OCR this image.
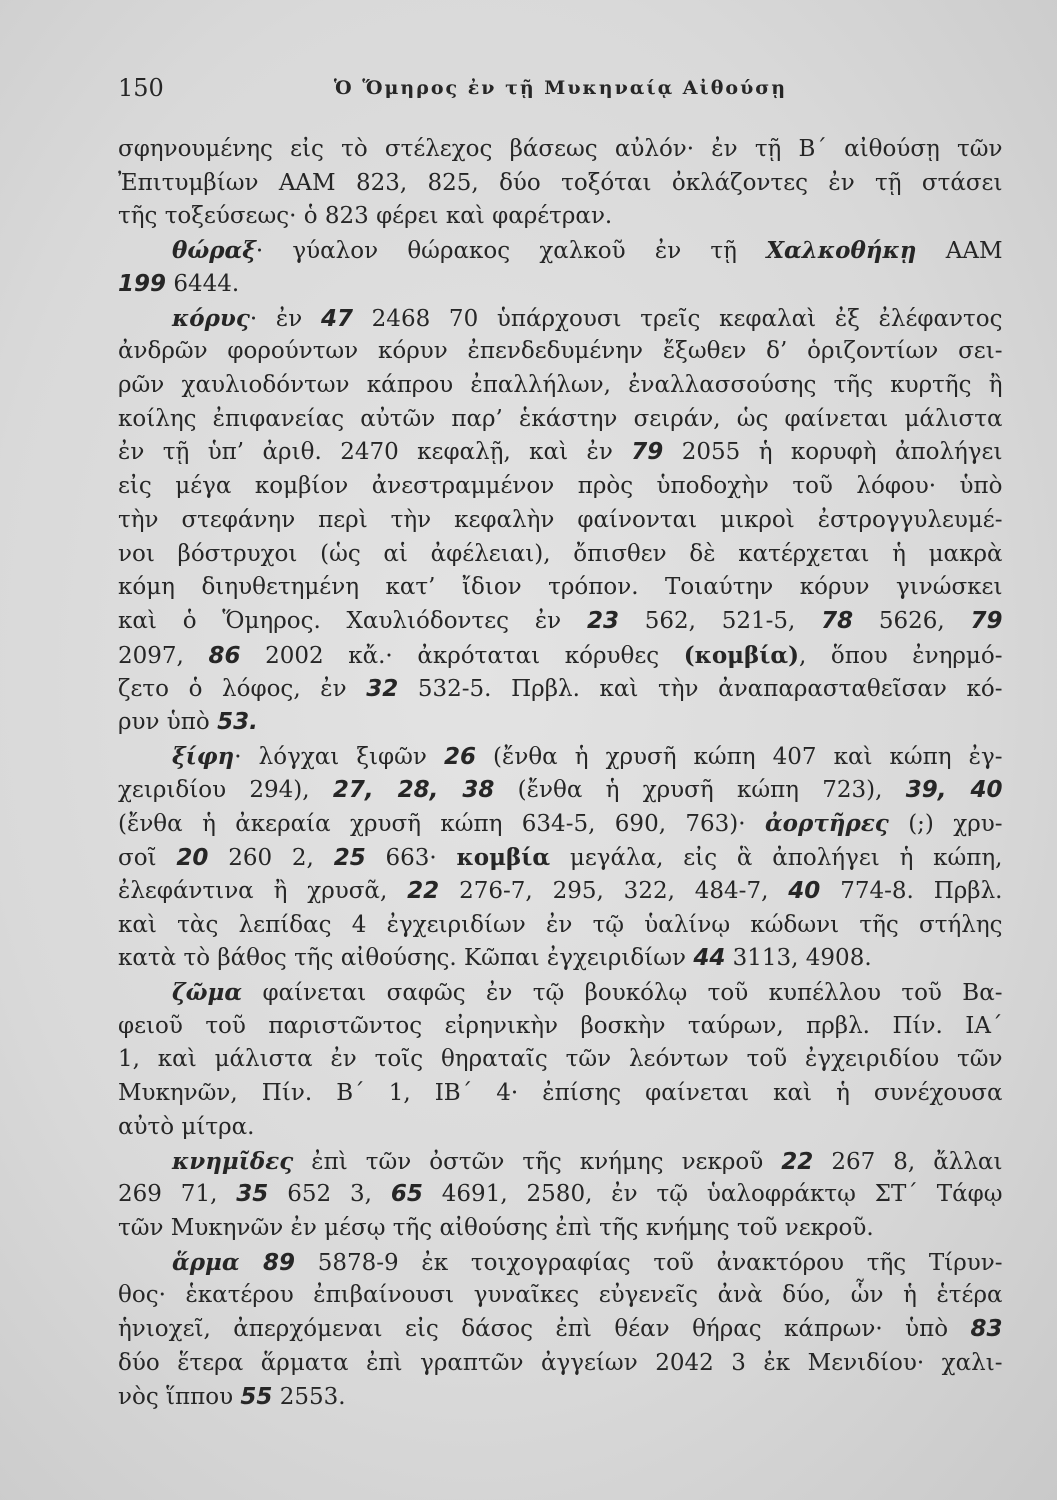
150	Ὁ Ὅμηρος ἐν τῇ Μυκηναίᾳ Αἰθούσῃ
σφηνουμένης εἰς τὸ στέλεχος βάσεως αὐλόν· ἐν τῇ Β΄ αἰθούσῃ τῶν
Ἐπιτυμβίων ΑΑΜ 823, 825, δύο τοξόται ὀκλάζοντες ἐν τῇ στάσει
τῆς τοξεύσεως· ὁ 823 φέρει καὶ φαρέτραν.
θώραξ· γύαλον θώρακος χαλκοῦ ἐν τῇ Χαλκοθήκῃ ΑΑΜ
199 6444.
κόρυς· ἐν 47 2468 70 ὑπάρχουσι τρεῖς κεφαλαὶ ἐξ ἐλέφαντος
ἀνδρῶν φορούντων κόρυν ἐπενδεδυμένην ἔξωθεν δ’ ὁριζοντίων σει-
ρῶν χαυλιοδόντων κάπρου ἐπαλλήλων, ἐναλλασσούσης τῆς κυρτῆς ἢ
κοίλης ἐπιφανείας αὐτῶν παρ’ ἑκάστην σειράν, ὡς φαίνεται μάλιστα
ἐν τῇ ὑπ’ ἀριθ. 2470 κεφαλῇ, καὶ ἐν 79 2055 ἡ κορυφὴ ἀπολήγει
εἰς μέγα κομβίον ἀνεστραμμένον πρὸς ὑποδοχὴν τοῦ λόφου· ὑπὸ
τὴν στεφάνην περὶ τὴν κεφαλὴν φαίνονται μικροὶ ἐστρογγυλευμέ-
νοι βόστρυχοι (ὡς αἱ ἀφέλειαι), ὄπισθεν δὲ κατέρχεται ἡ μακρὰ
κόμη διηυθετημένη κατ’ ἴδιον τρόπον. Τοιαύτην κόρυν γινώσκει
καὶ ὁ Ὅμηρος. Χαυλιόδοντες ἐν 23 562, 521-5, 78 5626, 79
2097, 86 2002 κἄ.· ἀκρόταται κόρυθες (κομβία), ὅπου ἐνηρμό-
ζετο ὁ λόφος, ἐν 32 532-5. Πρβλ. καὶ τὴν ἀναπαρασταθεῖσαν κό-
ρυν ὑπὸ 53.
ξίφη· λόγχαι ξιφῶν 26 (ἔνθα ἡ χρυσῆ κώπη 407 καὶ κώπη ἐγ-
χειριδίου 294), 27, 28, 38 (ἔνθα ἡ χρυσῆ κώπη 723), 39, 40
(ἔνθα ἡ ἀκεραία χρυσῆ κώπη 634-5, 690, 763)· ἀορτῆρες (;) χρυ-
σοῖ 20 260 2, 25 663· κομβία μεγάλα, εἰς ἃ ἀπολήγει ἡ κώπη,
ἐλεφάντινα ἢ χρυσᾶ, 22 276-7, 295, 322, 484-7, 40 774-8. Πρβλ.
καὶ τὰς λεπίδας 4 ἐγχειριδίων ἐν τῷ ὑαλίνῳ κώδωνι τῆς στήλης
κατὰ τὸ βάθος τῆς αἰθούσης. Κῶπαι ἐγχειριδίων 44 3113, 4908.
ζῶμα φαίνεται σαφῶς ἐν τῷ βουκόλῳ τοῦ κυπέλλου τοῦ Βα-
φειοῦ τοῦ παριστῶντος εἰρηνικὴν βοσκὴν ταύρων, πρβλ. Πίν. ΙΑ΄
1, καὶ μάλιστα ἐν τοῖς θηραταῖς τῶν λεόντων τοῦ ἐγχειριδίου τῶν
Μυκηνῶν, Πίν. Β΄ 1, ΙΒ΄ 4· ἐπίσης φαίνεται καὶ ἡ συνέχουσα
αὐτὸ μίτρα.
κνημῖδες ἐπὶ τῶν ὀστῶν τῆς κνήμης νεκροῦ 22 267 8, ἄλλαι
269 71, 35 652 3, 65 4691, 2580, ἐν τῷ ὑαλοφράκτῳ ΣΤ΄ Τάφῳ
τῶν Μυκηνῶν ἐν μέσῳ τῆς αἰθούσης ἐπὶ τῆς κνήμης τοῦ νεκροῦ.
ἅρμα 89 5878-9 ἐκ τοιχογραφίας τοῦ ἀνακτόρου τῆς Τίρυν-
θος· ἑκατέρου ἐπιβαίνουσι γυναῖκες εὐγενεῖς ἀνὰ δύο, ὧν ἡ ἑτέρα
ἡνιοχεῖ, ἀπερχόμεναι εἰς δάσος ἐπὶ θέαν θήρας κάπρων· ὑπὸ 83
δύο ἕτερα ἅρματα ἐπὶ γραπτῶν ἀγγείων 2042 3 ἐκ Μενιδίου· χαλι-
νὸς ἵππου 55 2553.
